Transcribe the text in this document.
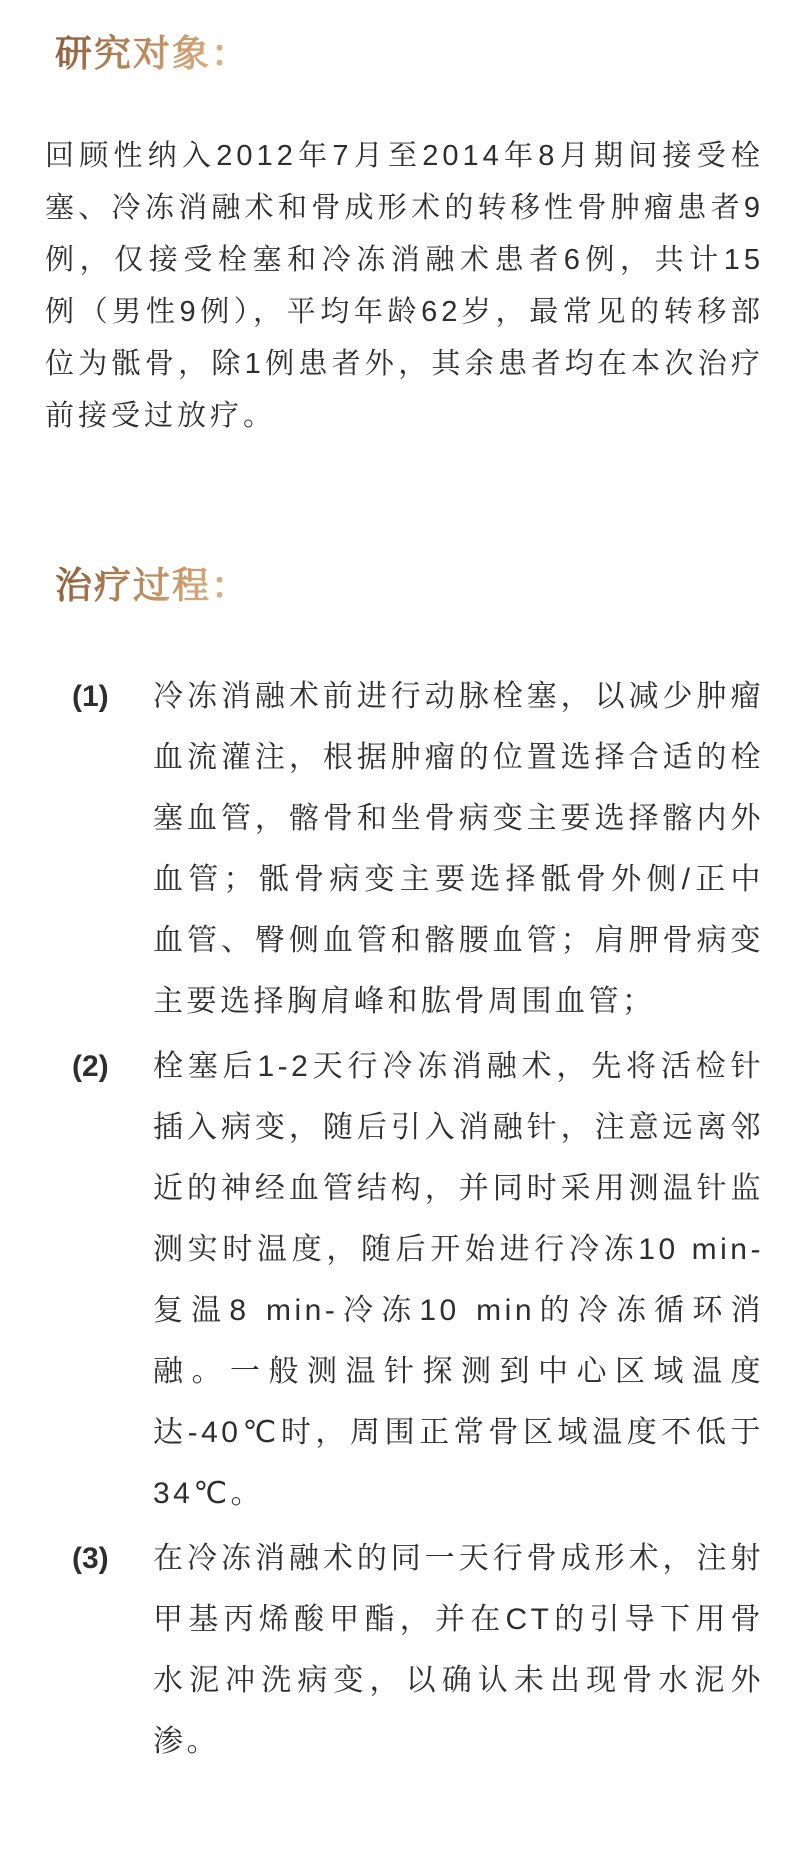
研究对象：

回顾性纳入2012年7月至2014年8月期间接受栓塞、冷冻消融术和骨成形术的转移性骨肿瘤患者9例，仅接受栓塞和冷冻消融术患者6例，共计15例（男性9例），平均年龄62岁，最常见的转移部位为骶骨，除1例患者外，其余患者均在本次治疗前接受过放疗。

治疗过程：
(1) 冷冻消融术前进行动脉栓塞，以减少肿瘤血流灌注，根据肿瘤的位置选择合适的栓塞血管，髂骨和坐骨病变主要选择髂内外血管；骶骨病变主要选择骶骨外侧/正中血管、臀侧血管和髂腰血管；肩胛骨病变主要选择胸肩峰和肱骨周围血管；
(2) 栓塞后1-2天行冷冻消融术，先将活检针插入病变，随后引入消融针，注意远离邻近的神经血管结构，并同时采用测温针监测实时温度，随后开始进行冷冻10 min-复温8 min-冷冻10 min的冷冻循环消融。一般测温针探测到中心区域温度达-40℃时，周围正常骨区域温度不低于34℃。
(3) 在冷冻消融术的同一天行骨成形术，注射甲基丙烯酸甲酯，并在CT的引导下用骨水泥冲洗病变，以确认未出现骨水泥外渗。
